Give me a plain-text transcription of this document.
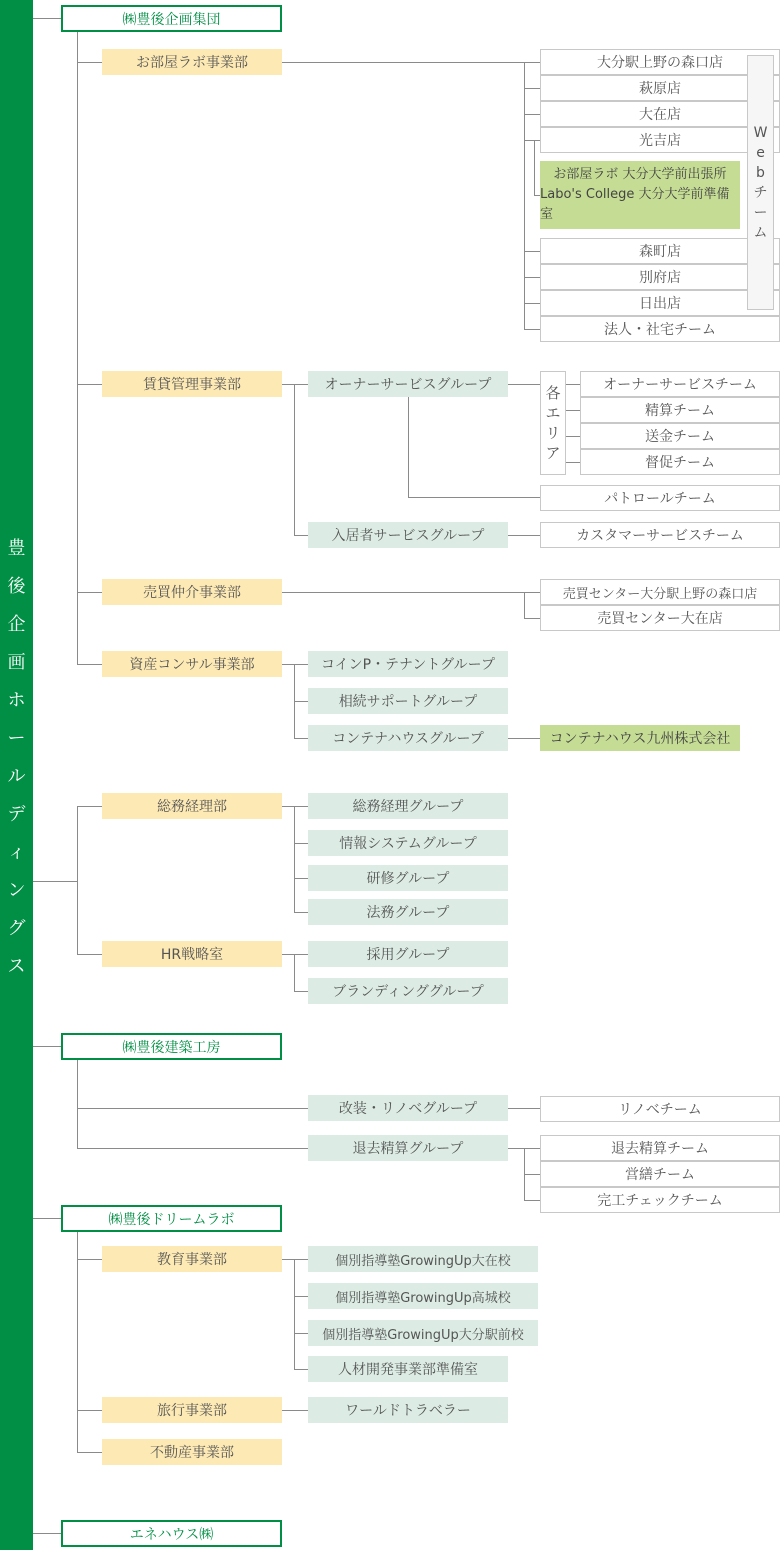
豊
後
企
画
ホ
ー
ル
デ
ィ
ン
グ
ス
㈱豊後企画集団
㈱豊後建築工房
㈱豊後ドリームラボ
エネハウス㈱
お部屋ラボ事業部
賃貸管理事業部
売買仲介事業部
資産コンサル事業部
総務経理部
HR戦略室
教育事業部
旅行事業部
不動産事業部
大分駅上野の森口店
萩原店
大在店
光吉店
お部屋ラボ 大分大学前出張所
Labo's College 大分大学前準備室
森町店
別府店
日出店
法人・社宅チーム
W
e
b
チ
ー
ム
オーナーサービスグループ
入居者サービスグループ
各
エ
リ
ア
オーナーサービスチーム
精算チーム
送金チーム
督促チーム
パトロールチーム
カスタマーサービスチーム
売買センター大分駅上野の森口店
売買センター大在店
コインP・テナントグループ
相続サポートグループ
コンテナハウスグループ	コンテナハウス九州株式会社
総務経理グループ
情報システムグループ
研修グループ
法務グループ
採用グループ
ブランディンググループ
改装・リノベグループ
退去精算グループ
リノベチーム
退去精算チーム
営繕チーム
完工チェックチーム
個別指導塾GrowingUp大在校
個別指導塾GrowingUp高城校
個別指導塾GrowingUp大分駅前校
人材開発事業部準備室
ワールドトラベラー
